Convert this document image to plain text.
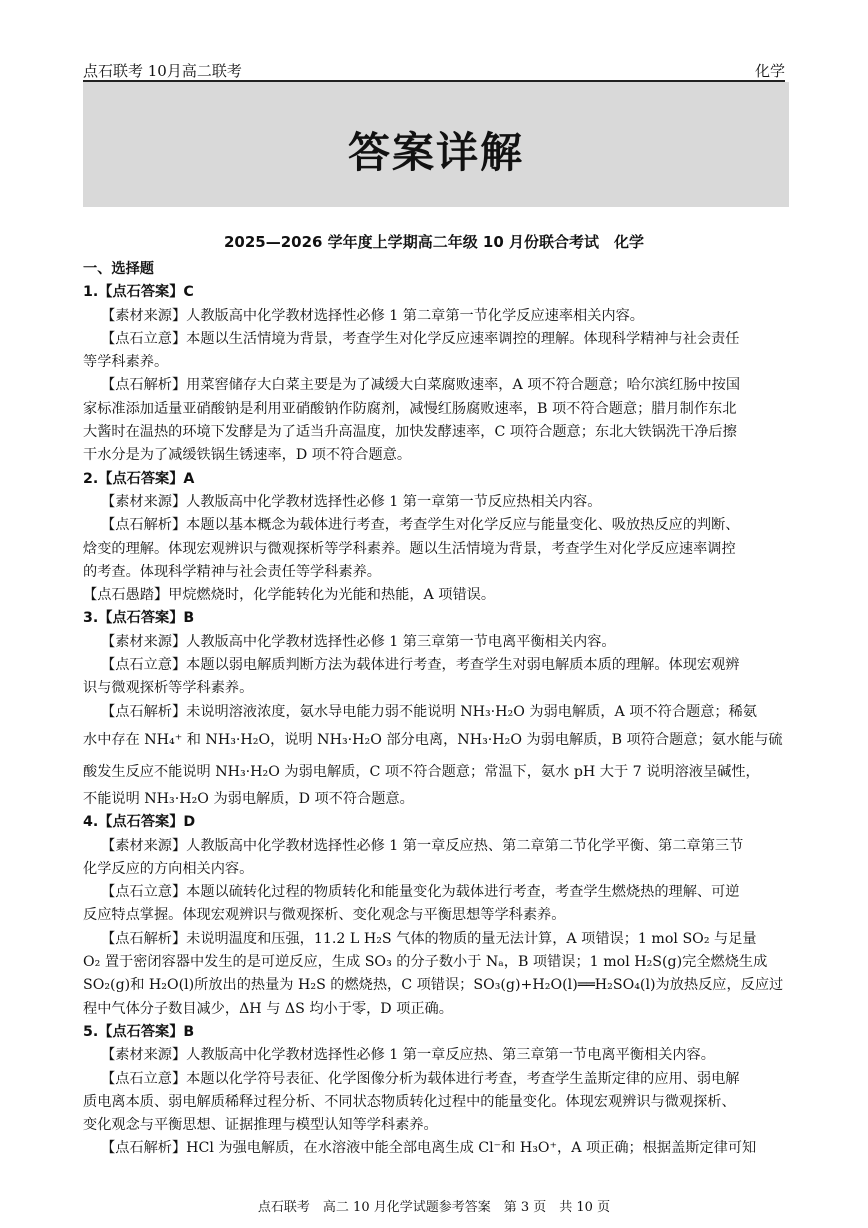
点石联考 10月高二联考	化学
答案详解
2025—2026 学年度上学期高二年级 10 月份联合考试　化学
一、选择题
1.【点石答案】C
【素材来源】人教版高中化学教材选择性必修 1 第二章第一节化学反应速率相关内容。
【点石立意】本题以生活情境为背景，考查学生对化学反应速率调控的理解。体现科学精神与社会责任
等学科素养。
【点石解析】用菜窖储存大白菜主要是为了减缓大白菜腐败速率，A 项不符合题意；哈尔滨红肠中按国
家标准添加适量亚硝酸钠是利用亚硝酸钠作防腐剂，减慢红肠腐败速率，B 项不符合题意；腊月制作东北
大酱时在温热的环境下发酵是为了适当升高温度，加快发酵速率，C 项符合题意；东北大铁锅洗干净后擦
干水分是为了减缓铁锅生锈速率，D 项不符合题意。
2.【点石答案】A
【素材来源】人教版高中化学教材选择性必修 1 第一章第一节反应热相关内容。
【点石解析】本题以基本概念为载体进行考查，考查学生对化学反应与能量变化、吸放热反应的判断、
焓变的理解。体现宏观辨识与微观探析等学科素养。题以生活情境为背景，考查学生对化学反应速率调控
的考查。体现科学精神与社会责任等学科素养。
【点石愚踏】甲烷燃烧时，化学能转化为光能和热能，A 项错误。
3.【点石答案】B
【素材来源】人教版高中化学教材选择性必修 1 第三章第一节电离平衡相关内容。
【点石立意】本题以弱电解质判断方法为载体进行考查，考查学生对弱电解质本质的理解。体现宏观辨
识与微观探析等学科素养。
【点石解析】未说明溶液浓度，氨水导电能力弱不能说明 NH₃·H₂O 为弱电解质，A 项不符合题意；稀氨
水中存在 NH₄⁺ 和 NH₃·H₂O，说明 NH₃·H₂O 部分电离，NH₃·H₂O 为弱电解质，B 项符合题意；氨水能与硫
酸发生反应不能说明 NH₃·H₂O 为弱电解质，C 项不符合题意；常温下，氨水 pH 大于 7 说明溶液呈碱性，
不能说明 NH₃·H₂O 为弱电解质，D 项不符合题意。
4.【点石答案】D
【素材来源】人教版高中化学教材选择性必修 1 第一章反应热、第二章第二节化学平衡、第二章第三节
化学反应的方向相关内容。
【点石立意】本题以硫转化过程的物质转化和能量变化为载体进行考查，考查学生燃烧热的理解、可逆
反应特点掌握。体现宏观辨识与微观探析、变化观念与平衡思想等学科素养。
【点石解析】未说明温度和压强，11.2 L H₂S 气体的物质的量无法计算，A 项错误；1 mol SO₂ 与足量
O₂ 置于密闭容器中发生的是可逆反应，生成 SO₃ 的分子数小于 Nₐ，B 项错误；1 mol H₂S(g)完全燃烧生成
SO₂(g)和 H₂O(l)所放出的热量为 H₂S 的燃烧热，C 项错误；SO₃(g)+H₂O(l)══H₂SO₄(l)为放热反应，反应过
程中气体分子数目减少，ΔH 与 ΔS 均小于零，D 项正确。
5.【点石答案】B
【素材来源】人教版高中化学教材选择性必修 1 第一章反应热、第三章第一节电离平衡相关内容。
【点石立意】本题以化学符号表征、化学图像分析为载体进行考查，考查学生盖斯定律的应用、弱电解
质电离本质、弱电解质稀释过程分析、不同状态物质转化过程中的能量变化。体现宏观辨识与微观探析、
变化观念与平衡思想、证据推理与模型认知等学科素养。
【点石解析】HCl 为强电解质，在水溶液中能全部电离生成 Cl⁻和 H₃O⁺，A 项正确；根据盖斯定律可知
点石联考　高二 10 月化学试题参考答案　第 3 页　共 10 页
